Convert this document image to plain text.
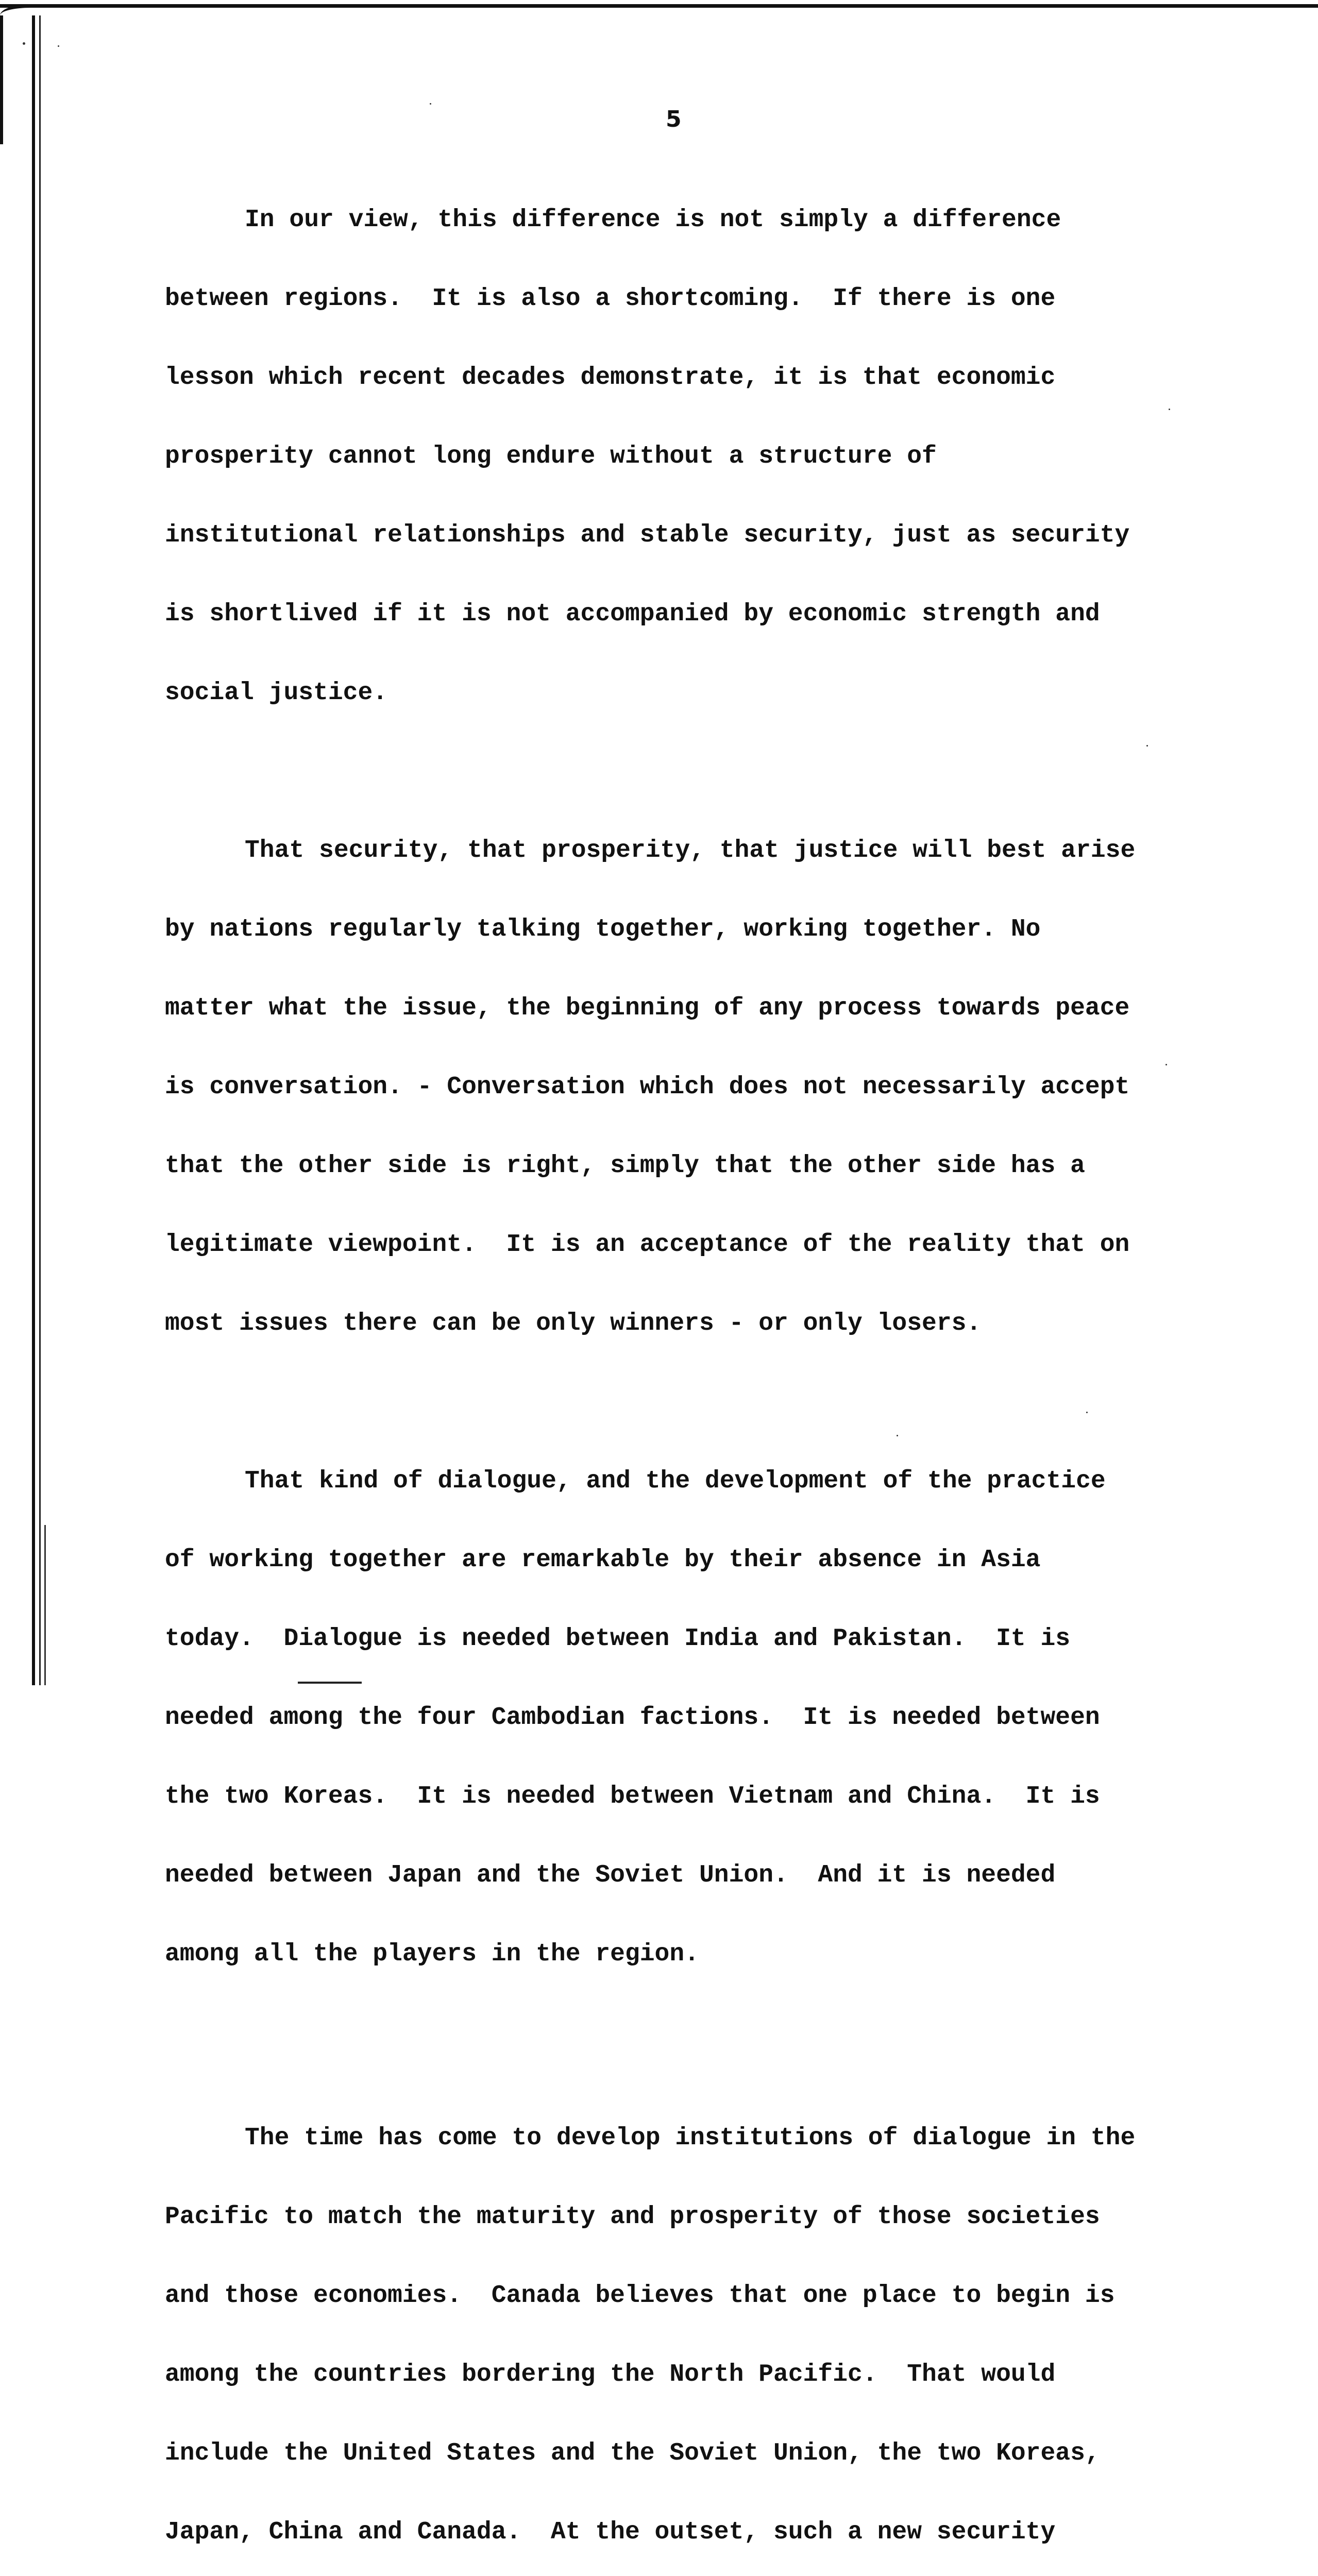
5

In our view, this difference is not simply a difference

between regions.  It is also a shortcoming.  If there is one

lesson which recent decades demonstrate, it is that economic

prosperity cannot long endure without a structure of

institutional relationships and stable security, just as security

is shortlived if it is not accompanied by economic strength and

social justice.

That security, that prosperity, that justice will best arise

by nations regularly talking together, working together. No

matter what the issue, the beginning of any process towards peace

is conversation. - Conversation which does not necessarily accept

that the other side is right, simply that the other side has a

legitimate viewpoint.  It is an acceptance of the reality that on

most issues there can be only winners - or only losers.

That kind of dialogue, and the development of the practice

of working together are remarkable by their absence in Asia

today.  Dialogue is needed between India and Pakistan.  It is

needed among the four Cambodian factions.  It is needed between

the two Koreas.  It is needed between Vietnam and China.  It is

needed between Japan and the Soviet Union.  And it is needed

among all the players in the region.

The time has come to develop institutions of dialogue in the

Pacific to match the maturity and prosperity of those societies

and those economies.  Canada believes that one place to begin is

among the countries bordering the North Pacific.  That would

include the United States and the Soviet Union, the two Koreas,

Japan, China and Canada.  At the outset, such a new security
